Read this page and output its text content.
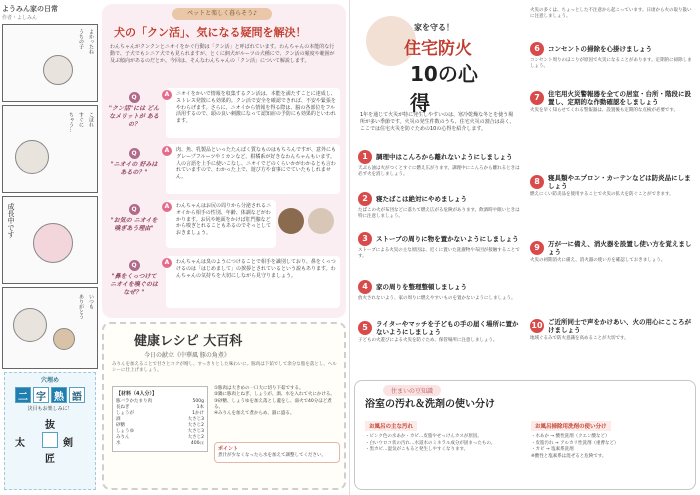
ようみん家の日常
作者・よしみん
よかったね
うちの子
こぼれ
すぐに
ちゃう…
成長中です
いつも
ありがとう
穴埋め
二 字 熟 語
決目もお楽しみに！
抜
太	剣
匠
ペットと楽しく暮らそう♪
犬の「クン活」、気になる疑問を解決！
わんちゃんがクンクンとニオイをかぐ行動は「クン活」と呼ばれています。わんちゃんの本能的な行動で、子犬でもシニア犬でも見られますが、とくに飼犬がルーツの犬種にで、クン活の頻度や範囲が及ぶ傾向があるのだとか。今回は、そんなわんちゃんの「クン活」について解説します。
Q
"クン活"には どんなメリットが あるの？
A	ニオイをかいで情報を収集するクン活は、本能を満たすことに達成し、ストレス発散にも効果的。クン活で安全を確認できれば、不安や緊張をやわらげます。さらに、ニオイから情報を得る際は、脳の各部位をフル活用するので、頭の良い刺激になって認知症の予防にも効果的といわれます。
Q
"ニオイの 好みは あるの？"
A	肉、魚、乳製品といったたんぱく質なものはもちろんですが、意外にもグレープフルーツやミカンなど、柑橘系が好きなわんちゃんもいます。人の言語を上手に使いこなし、ニオイでどのくらいかがわかるとも言われていますので、わかった上で、遊び方や食事にでていたもしれません。
Q
"お気の ニオイを 嗅ぎあう理由"
A	わんちゃんはお尻の周りから分泌されるニオイから相手の性別、年齢、体調などがわかります。お尻や地面をかけば肛門腺などから嗅ぎとれることもあるのでそっとしておきましょう。
Q
"鼻をくっつけて ニオイを嗅ぐのは なぜ？"
A	わんちゃんは臭のようにつけることで相手を識別しており、鼻をくっつけるのは「はじめまして」の挨拶とされているという説もあります。わんちゃんの気持ちを大切にしながら見守りましょう。
健康レシピ 大百科
今日の献立《中華風 豚の角煮》
みりんを加えることで甘さとコクが増し、すっきりとした味わいに。豚肉は下茹でして余分な脂を落とし、ヘルシーに仕上げましょう。
【材料（4人分）】
豚バラかたまり肉	500g
長ねぎ	1本
しょうが	1かけ
酒	大さじ3
砂糖	大さじ2
しょうゆ	大さじ3
みりん	大さじ2
水	400㏄
①豚肉は大きめの一口大に切り下茹でする。
②鍋に豚肉とねぎ、しょうが、酒、水を入れて火にかける。
③砂糖、しょうゆを加え落とし蓋をし、弱火で40分ほど煮る。
④みりんを加えて煮からめ、器に盛る。
ポイント
煮汁が少なくなったら水を加えて調整してください。
家を守る！
住宅防火
10の心得
1年を通じて火災が特に発生しやすいのは、寒冷乾燥な冬とを使う場所が多い季節です。火災の発生件数のうち、住宅火災の割合は高く、ここでは住宅火災を防ぐための10の心得を紹介します。
1	調理中はこんろから離れないようにしましょう
天ぷら油は火がつくとすぐに燃え広がります。調理中にこんろから離れるときは必ず火を消しましょう。
2	寝たばこは絶対にやめましょう
たばこの火が布団などに落ちて燃え広がる危険があります。飲酒時や眠いときは特に注意しましょう。
3	ストーブの周りに物を置かないようにしましょう
ストーブによる火災の主な原因は、近くに置いた洗濯物や布団が接触することです。
4	家の周りを整理整頓しましょう
放火されないよう、家の周りに燃えやすいものを置かないようにしましょう。
5	ライターやマッチを子どもの手の届く場所に置かないようにしましょう
子どもの火遊びによる火災を防ぐため、保管場所に注意しましょう。
火災の多くは、ちょっとした不注意から起こっています。日頃から火の取り扱いに注意しましょう。
6	コンセントの掃除を心掛けましょう
コンセント周りのほこりが原因で火災になることがあります。定期的に掃除しましょう。
7	住宅用火災警報器を全ての居室・台所・階段に設置し、定期的な作動確認をしましょう
火災を早く知らせてくれる警報器は、設置後も定期的な点検が必要です。
8	寝具類やエプロン・カーテンなどは防炎品にしましょう
燃えにくい防炎品を使用することで火災の拡大を防ぐことができます。
9	万が一に備え、消火器を設置し使い方を覚えましょう
火災の初期消火に備え、消火器の使い方を確認しておきましょう。
10 ご近所同士で声をかけあい、火の用心にこころがけましょう
地域ぐるみで防火意識を高めることが大切です。
住まいの豆知識
浴室の汚れ＆洗剤の使い分け
お風呂の主な汚れ
・ピンク色の水あか・カビ…皮脂やせっけんカスが原因。
・白いウロコ状の汚れ…水道水のミネラル成分が固まったもの。
・黒カビ…湿気がこもると発生しやすくなります。
お風呂掃除用洗剤の使い分け
・水あか → 酸性洗剤（クエン酸など）
・皮脂汚れ → アルカリ性洗剤（重曹など）
・カビ → 塩素系洗剤
※酸性と塩素系は混ぜると危険です。
